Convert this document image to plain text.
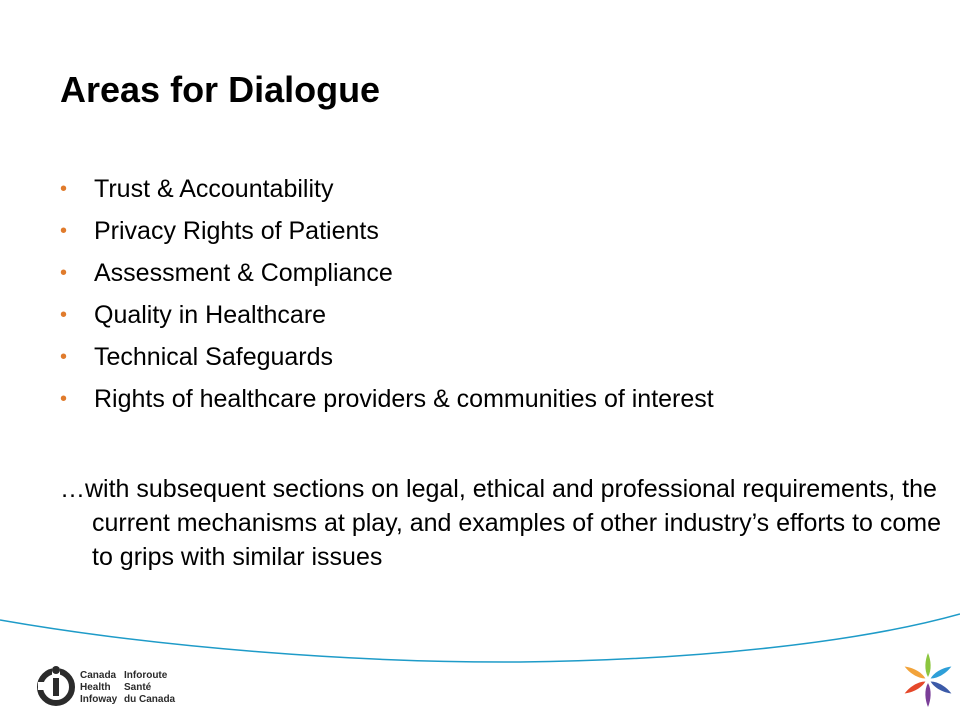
Areas for Dialogue
• Trust & Accountability
• Privacy Rights of Patients
• Assessment & Compliance
• Quality in Healthcare
• Technical Safeguards
• Rights of healthcare providers & communities of interest

…with subsequent sections on legal, ethical and professional requirements, the current mechanisms at play, and examples of other industry’s efforts to come to grips with similar issues

Canada
Health
Infoway
Inforoute
Santé
du Canada
